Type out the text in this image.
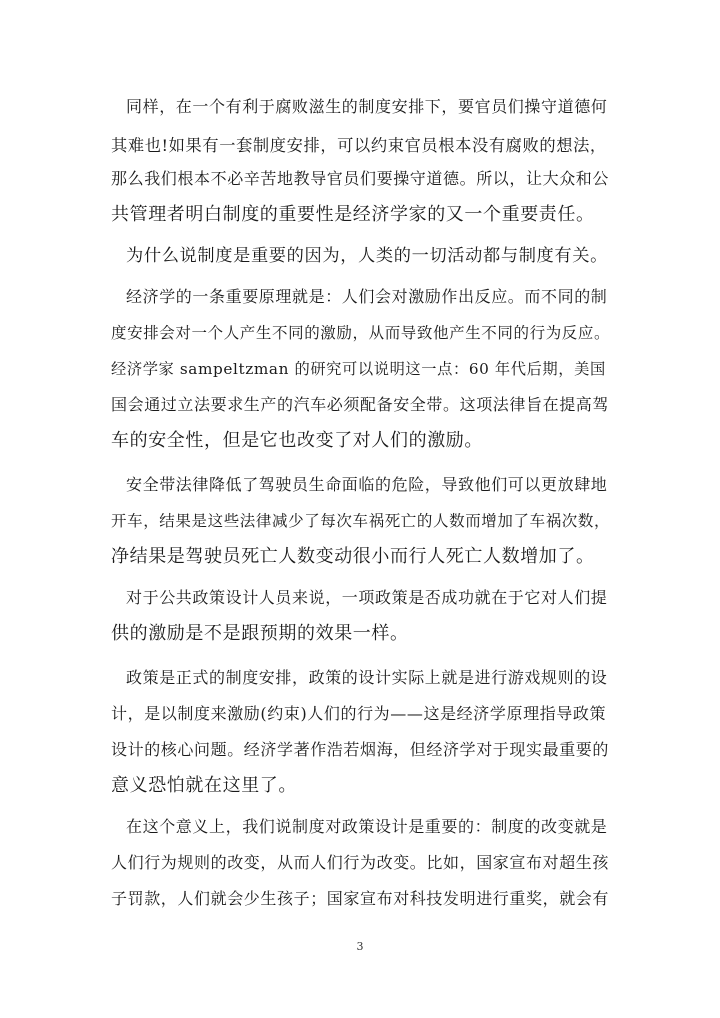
同样，在一个有利于腐败滋生的制度安排下，要官员们操守道德何
其难也!如果有一套制度安排，可以约束官员根本没有腐败的想法，
那么我们根本不必辛苦地教导官员们要操守道德。所以，让大众和公
共管理者明白制度的重要性是经济学家的又一个重要责任。
为什么说制度是重要的因为，人类的一切活动都与制度有关。
经济学的一条重要原理就是：人们会对激励作出反应。而不同的制
度安排会对一个人产生不同的激励，从而导致他产生不同的行为反应。
经济学家 sampeltzman 的研究可以说明这一点：60 年代后期，美国
国会通过立法要求生产的汽车必须配备安全带。这项法律旨在提高驾
车的安全性，但是它也改变了对人们的激励。
安全带法律降低了驾驶员生命面临的危险，导致他们可以更放肆地
开车，结果是这些法律减少了每次车祸死亡的人数而增加了车祸次数，
净结果是驾驶员死亡人数变动很小而行人死亡人数增加了。
对于公共政策设计人员来说，一项政策是否成功就在于它对人们提
供的激励是不是跟预期的效果一样。
政策是正式的制度安排，政策的设计实际上就是进行游戏规则的设
计，是以制度来激励(约束)人们的行为——这是经济学原理指导政策
设计的核心问题。经济学著作浩若烟海，但经济学对于现实最重要的
意义恐怕就在这里了。
在这个意义上，我们说制度对政策设计是重要的：制度的改变就是
人们行为规则的改变，从而人们行为改变。比如，国家宣布对超生孩
子罚款，人们就会少生孩子；国家宣布对科技发明进行重奖，就会有
3
